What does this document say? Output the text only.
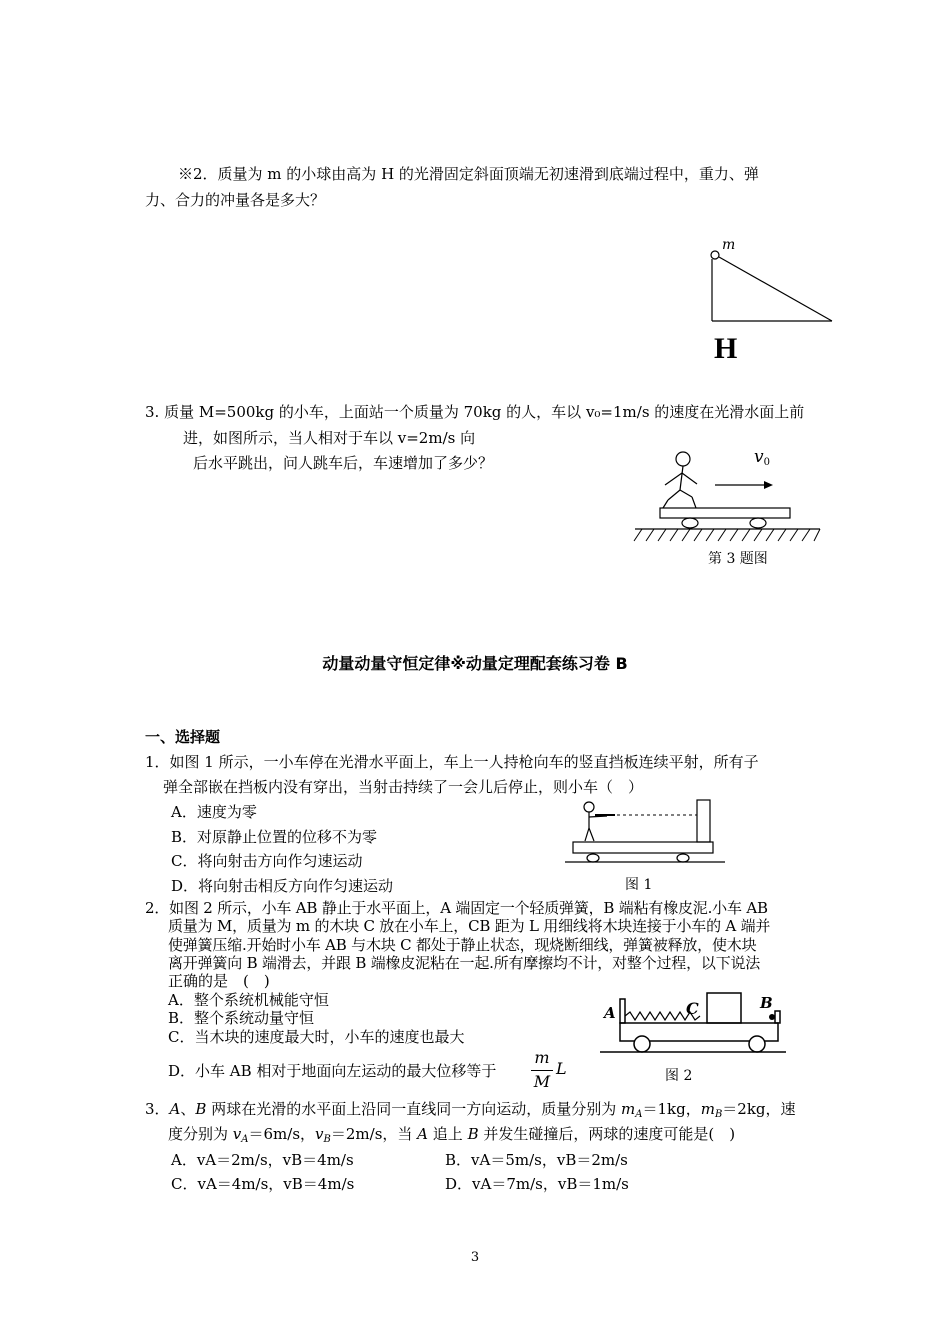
※2．质量为 m 的小球由高为 H 的光滑固定斜面顶端无初速滑到底端过程中，重力、弹
力、合力的冲量各是多大？
m
H
3. 质量 M=500kg 的小车，上面站一个质量为 70kg 的人，车以 v₀=1m/s 的速度在光滑水面上前
进，如图所示，当人相对于车以 v=2m/s 向
后水平跳出，问人跳车后，车速增加了多少？	$v_0$
第 3 题图
动量动量守恒定律※动量定理配套练习卷 B
一、选择题
1．如图 1 所示，一小车停在光滑水平面上，车上一人持枪向车的竖直挡板连续平射，所有子
弹全部嵌在挡板内没有穿出，当射击持续了一会儿后停止，则小车（　）
A．速度为零
B．对原静止位置的位移不为零
C．将向射击方向作匀速运动
D．将向射击相反方向作匀速运动	图 1
2．如图 2 所示，小车 AB 静止于水平面上，A 端固定一个轻质弹簧，B 端粘有橡皮泥.小车 AB
质量为 M，质量为 m 的木块 C 放在小车上，CB 距为 L 用细线将木块连接于小车的 A 端并
使弹簧压缩.开始时小车 AB 与木块 C 都处于静止状态，现烧断细线，弹簧被释放，使木块
离开弹簧向 B 端滑去，并跟 B 端橡皮泥粘在一起.所有摩擦均不计，对整个过程，以下说法
正确的是　(　)
A．整个系统机械能守恒
B．整个系统动量守恒
C．当木块的速度最大时，小车的速度也最大
D．小车 AB 相对于地面向左运动的最大位移等于
m
M
L
A
B
C
图 2
3．A、B 两球在光滑的水平面上沿同一直线同一方向运动，质量分别为 $m_A=1kg$，$m_B=2kg$，速
度分别为 $v_A=6m/s$，$v_B=2m/s$，当 A 追上 B 并发生碰撞后，两球的速度可能是(　)
A．vA＝2m/s，vB＝4m/s	B．vA＝5m/s，vB＝2m/s
C．vA＝4m/s，vB＝4m/s	D．vA＝7m/s，vB＝1m/s
3
